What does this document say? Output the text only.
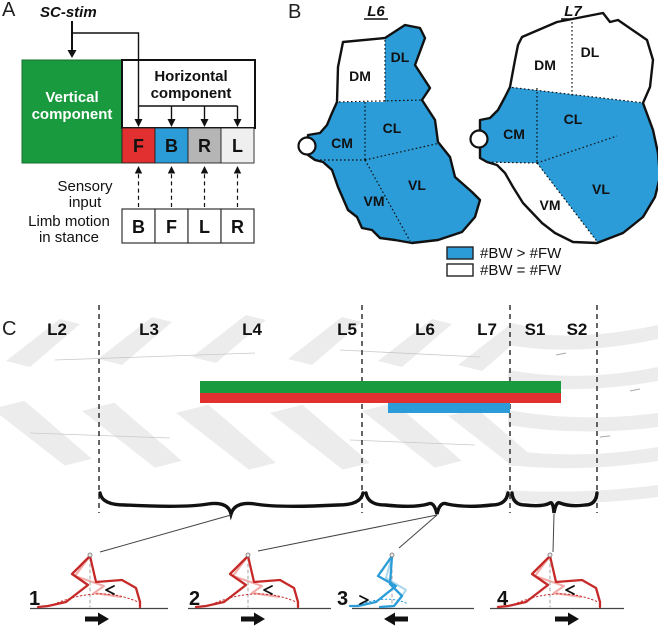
A SC-stim
Vertical
component
Horizontal
component
F B R L
Sensory
input
B F L R
Limb motion
in stance
B	L6
DM
DL
CM
CL
VM
VL
L7
DM
DL
CM
CL
VM
VL
#BW > #FW
#BW = #FW
C L2	L3	L4	L5	L6 L7 S1 S2
1	2	3	4
